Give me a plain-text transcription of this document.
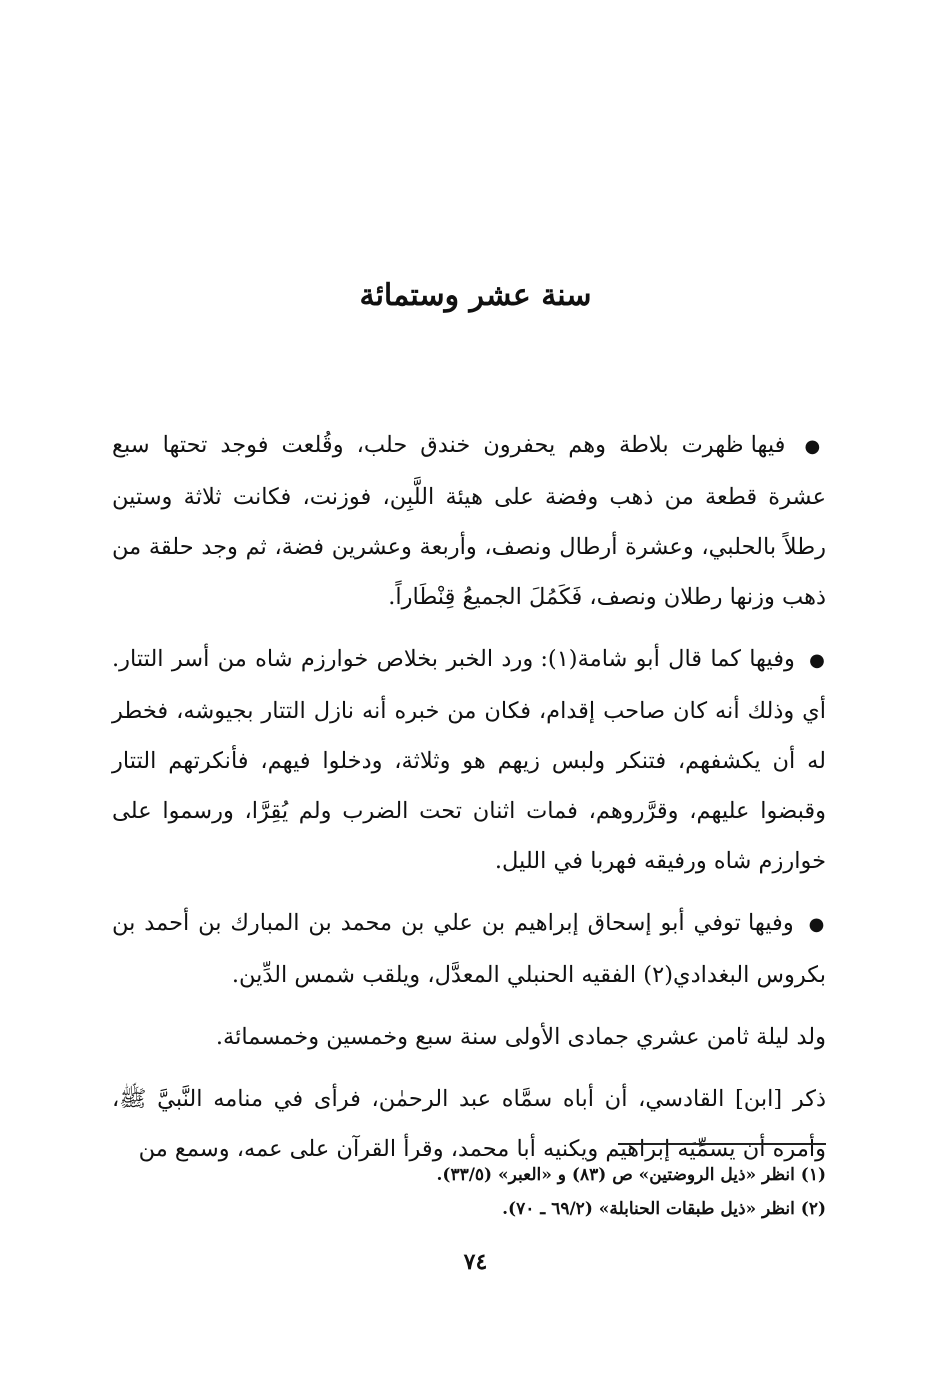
سنة عشر وستمائة

● فيها ظهرت بلاطة وهم يحفرون خندق حلب، وقُلعت فوجد تحتها سبع عشرة قطعة من ذهب وفضة على هيئة اللَّبِن، فوزنت، فكانت ثلاثة وستين رطلاً بالحلبي، وعشرة أرطال ونصف، وأربعة وعشرين فضة، ثم وجد حلقة من ذهب وزنها رطلان ونصف، فَكَمُلَ الجميعُ قِنْطَاراً.

● وفيها كما قال أبو شامة(١): ورد الخبر بخلاص خوارزم شاه من أسر التتار. أي وذلك أنه كان صاحب إقدام، فكان من خبره أنه نازل التتار بجيوشه، فخطر له أن يكشفهم، فتنكر ولبس زيهم هو وثلاثة، ودخلوا فيهم، فأنكرتهم التتار وقبضوا عليهم، وقرَّروهم، فمات اثنان تحت الضرب ولم يُقِرَّا، ورسموا على خوارزم شاه ورفيقه فهربا في الليل.

● وفيها توفي أبو إسحاق إبراهيم بن علي بن محمد بن المبارك بن أحمد بن بكروس البغدادي(٢) الفقيه الحنبلي المعدَّل، ويلقب شمس الدِّين.

ولد ليلة ثامن عشري جمادى الأولى سنة سبع وخمسين وخمسمائة.

ذكر [ابن] القادسي، أن أباه سمَّاه عبد الرحمٰن، فرأى في منامه النَّبيَّ ﷺ، وأمره أن يسمِّيَه إبراهيم ويكنيه أبا محمد، وقرأ القرآن على عمه، وسمع من

(١) انظر «ذيل الروضتين» ص (٨٣) و «العبر» (٣٣/٥).

(٢) انظر «ذيل طبقات الحنابلة» (٦٩/٢ ـ ٧٠).

٧٤
